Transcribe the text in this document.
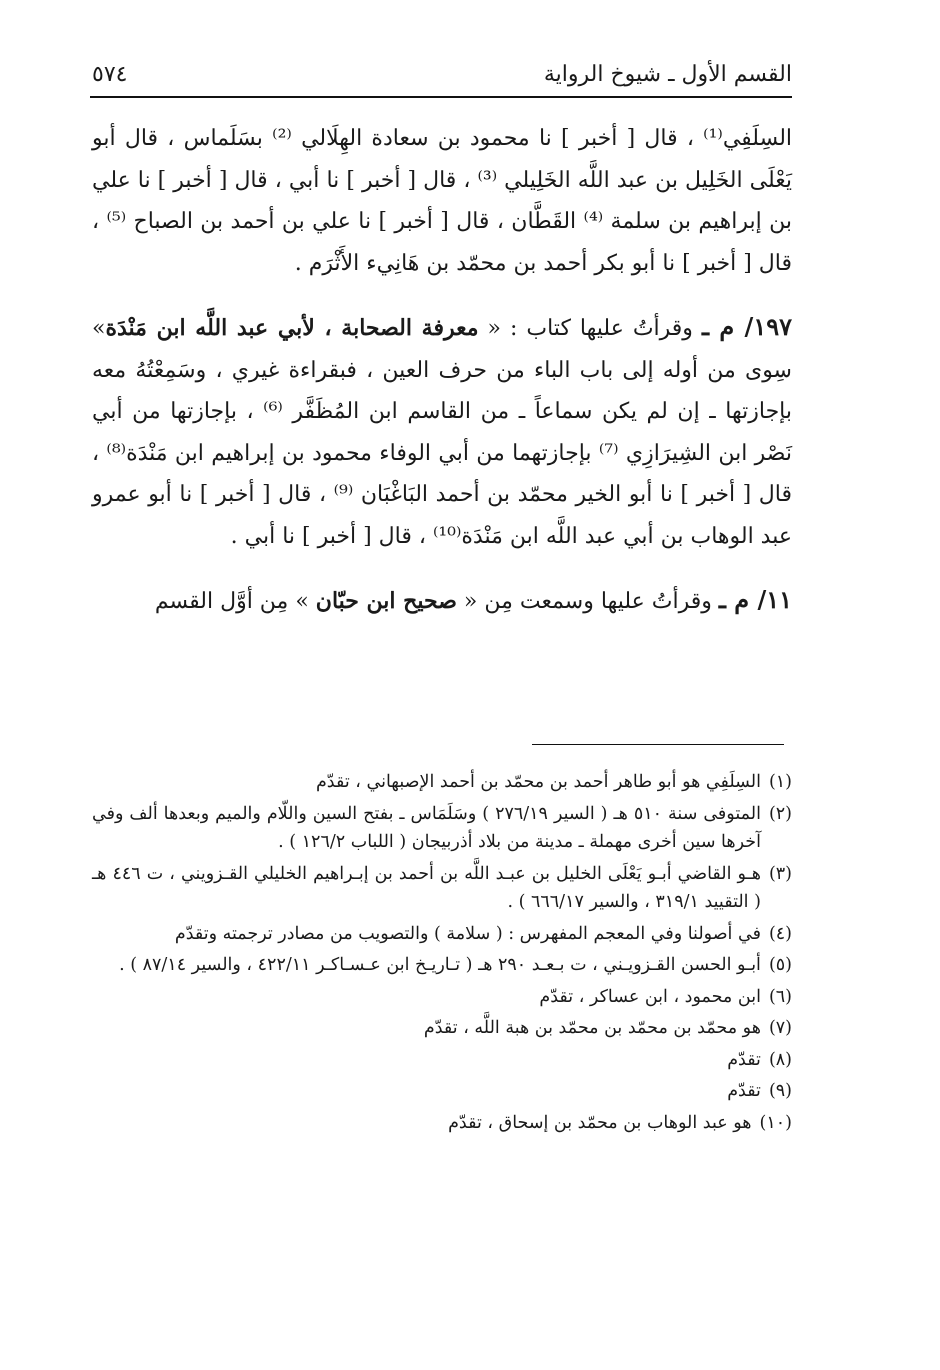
القسم الأول ـ شيوخ الرواية
٥٧٤

السِلَفِي⁽¹⁾ ، قال [ أخبر ] نا محمود بن سعادة الهِلَالي ⁽²⁾ بسَلَماس ، قال أبو يَعْلَى الخَلِيل بن عبد اللَّه الخَلِيلي ⁽³⁾ ، قال [ أخبر ] نا أبي ، قال [ أخبر ] نا علي بن إبراهيم بن سلمة ⁽⁴⁾ القَطَّان ، قال [ أخبر ] نا علي بن أحمد بن الصباح ⁽⁵⁾ ، قال [ أخبر ] نا أبو بكر أحمد بن محمّد بن هَانِيء الأَثْرَم .

١٩٧/ م ـ وقرأتُ عليها كتاب : « معرفة الصحابة ، لأبي عبد اللَّه ابن مَنْدَة» سِوى من أوله إلى باب الباء من حرف العين ، فبقراءة غيري ، وسَمِعْتُهُ معه بإجازتها ـ إن لم يكن سماعاً ـ من القاسم ابن المُظَفَّر ⁽⁶⁾ ، بإجازتها من أبي نَصْر ابن الشِيرَازِي ⁽⁷⁾ بإجازتهما من أبي الوفاء محمود بن إبراهيم ابن مَنْدَة⁽⁸⁾ ، قال [ أخبر ] نا أبو الخير محمّد بن أحمد البَاغْبَان ⁽⁹⁾ ، قال [ أخبر ] نا أبو عمرو عبد الوهاب بن أبي عبد اللَّه ابن مَنْدَة⁽¹⁰⁾ ، قال [ أخبر ] نا أبي .

١١/ م ـ وقرأتُ عليها وسمعت مِن « صحيح ابن حبّان » مِن أوَّل القسم

(١)
السِلَفِي هو أبو طاهر أحمد بن محمّد بن أحمد الإصبهاني ، تقدّم
(٢)
المتوفى سنة ٥١٠ هـ ( السير ٢٧٦/١٩ ) وسَلَمَاس ـ بفتح السين واللّام والميم وبعدها ألف وفي آخرها سين أخرى مهملة ـ مدينة من بلاد أذربيجان ( اللباب ١٢٦/٢ ) .
(٣)
هـو القاضي أبـو يَعْلَى الخليل بن عبـد اللَّه بن أحمد بن إبـراهيم الخليلي القـزويني ، ت ٤٤٦ هـ ( التقييد ٣١٩/١ ، والسير ٦٦٦/١٧ ) .
(٤)
في أصولنا وفي المعجم المفهرس : ( سلامة ) والتصويب من مصادر ترجمته وتقدّم
(٥)
أبـو الحسن القـزويـني ، ت بـعـد ٢٩٠ هـ ( تـاريـخ ابن عـسـاكـر ٤٢٢/١١ ، والسير ٨٧/١٤ ) .
(٦)
ابن محمود ، ابن عساكر ، تقدّم
(٧)
هو محمّد بن محمّد بن محمّد بن هبة اللَّه ، تقدّم
(٨)
تقدّم
(٩)
تقدّم
(١٠)
هو عبد الوهاب بن محمّد بن إسحاق ، تقدّم
